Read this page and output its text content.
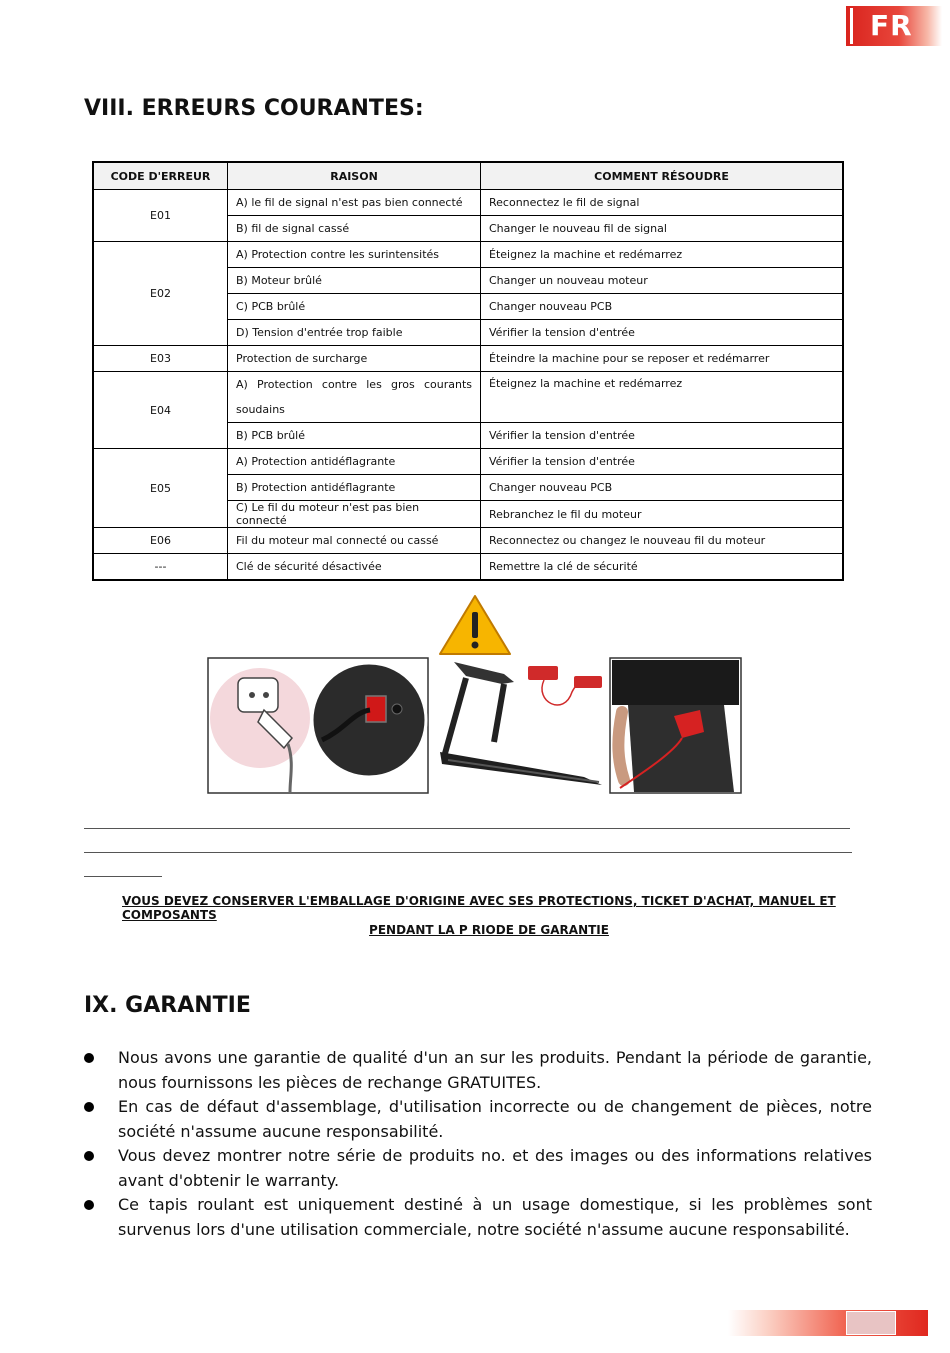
FR
VIII. ERREURS COURANTES:
CODE D'ERREUR	RAISON	COMMENT RÉSOUDRE
E01	A) le fil de signal n'est pas bien connecté	Reconnectez le fil de signal
	B) fil de signal cassé	Changer le nouveau fil de signal
E02	A) Protection contre les surintensités	Éteignez la machine et redémarrez
	B) Moteur brûlé	Changer un nouveau moteur
	C) PCB brûlé	Changer nouveau PCB
	D) Tension d'entrée trop faible	Vérifier la tension d'entrée
E03	Protection de surcharge	Éteindre la machine pour se reposer et redémarrer
E04	A) Protection contre les gros courants soudains	Éteignez la machine et redémarrez
	B) PCB brûlé	Vérifier la tension d'entrée
E05	A) Protection antidéflagrante	Vérifier la tension d'entrée
	B) Protection antidéflagrante	Changer nouveau PCB
	C) Le fil du moteur n'est pas bien connecté	Rebranchez le fil du moteur
E06	Fil du moteur mal connecté ou cassé	Reconnectez ou changez le nouveau fil du moteur
---	Clé de sécurité désactivée	Remettre la clé de sécurité
VOUS DEVEZ CONSERVER L'EMBALLAGE D'ORIGINE AVEC SES PROTECTIONS, TICKET D'ACHAT, MANUEL ET COMPOSANTS
PENDANT LA P RIODE DE GARANTIE
IX. GARANTIE
Nous avons une garantie de qualité d'un an sur les produits. Pendant la période de garantie, nous fournissons les pièces de rechange GRATUITES.
En cas de défaut d'assemblage, d'utilisation incorrecte ou de changement de pièces, notre société n'assume aucune responsabilité.
Vous devez montrer notre série de produits no. et des images ou des informations relatives avant d'obtenir le warranty.
Ce tapis roulant est uniquement destiné à un usage domestique, si les problèmes sont survenus lors d'une utilisation commerciale, notre société n'assume aucune responsabilité.
